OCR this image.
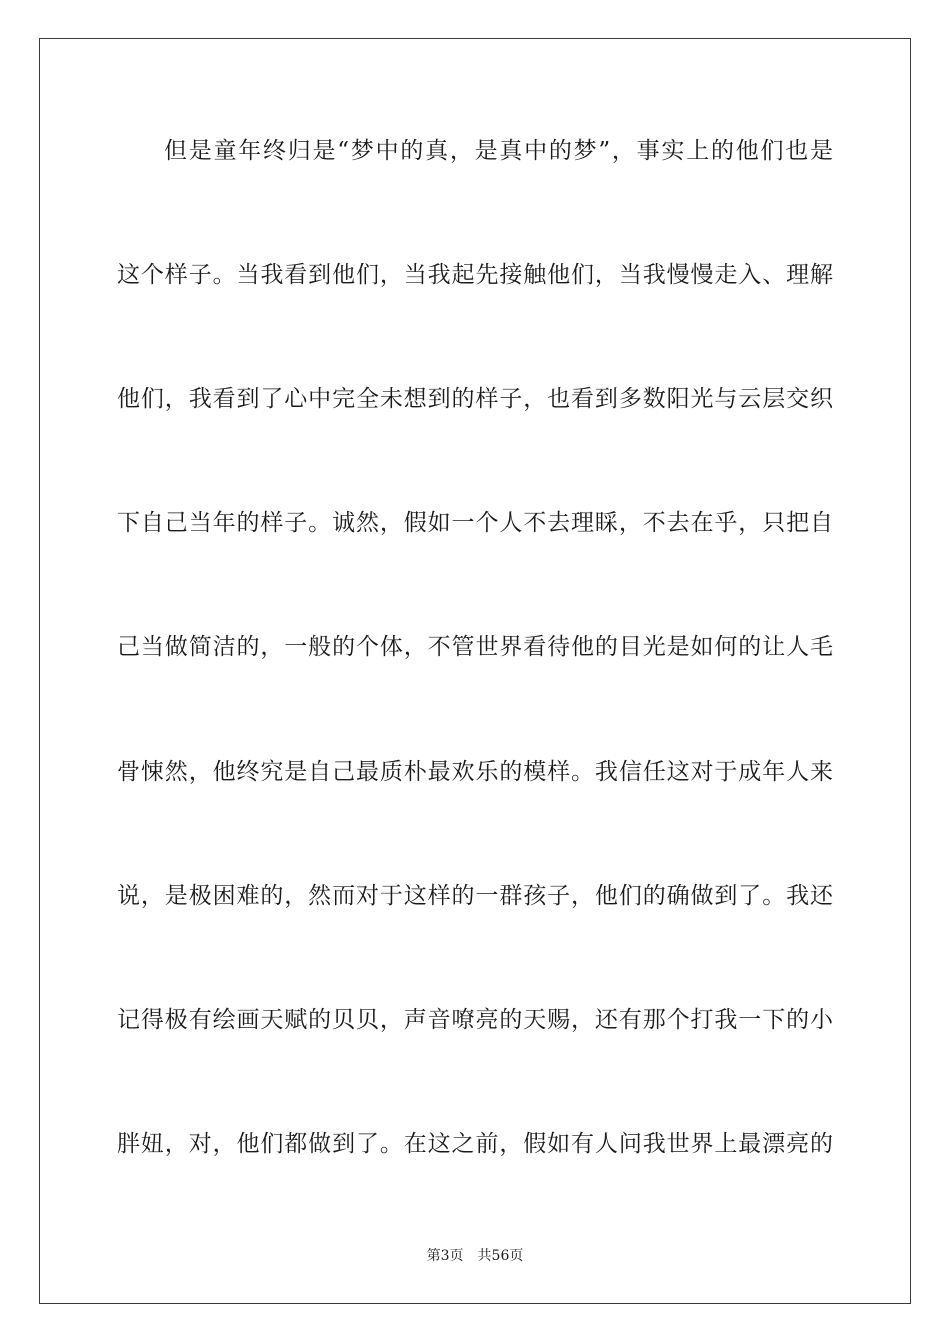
但是童年终归是“梦中的真，是真中的梦”，事实上的他们也是
这个样子。当我看到他们，当我起先接触他们，当我慢慢走入、理解
他们，我看到了心中完全未想到的样子，也看到多数阳光与云层交织
下自己当年的样子。诚然，假如一个人不去理睬，不去在乎，只把自
己当做简洁的，一般的个体，不管世界看待他的目光是如何的让人毛
骨悚然，他终究是自己最质朴最欢乐的模样。我信任这对于成年人来
说，是极困难的，然而对于这样的一群孩子，他们的确做到了。我还
记得极有绘画天赋的贝贝，声音嘹亮的天赐，还有那个打我一下的小
胖妞，对，他们都做到了。在这之前，假如有人问我世界上最漂亮的
第3页 共56页
